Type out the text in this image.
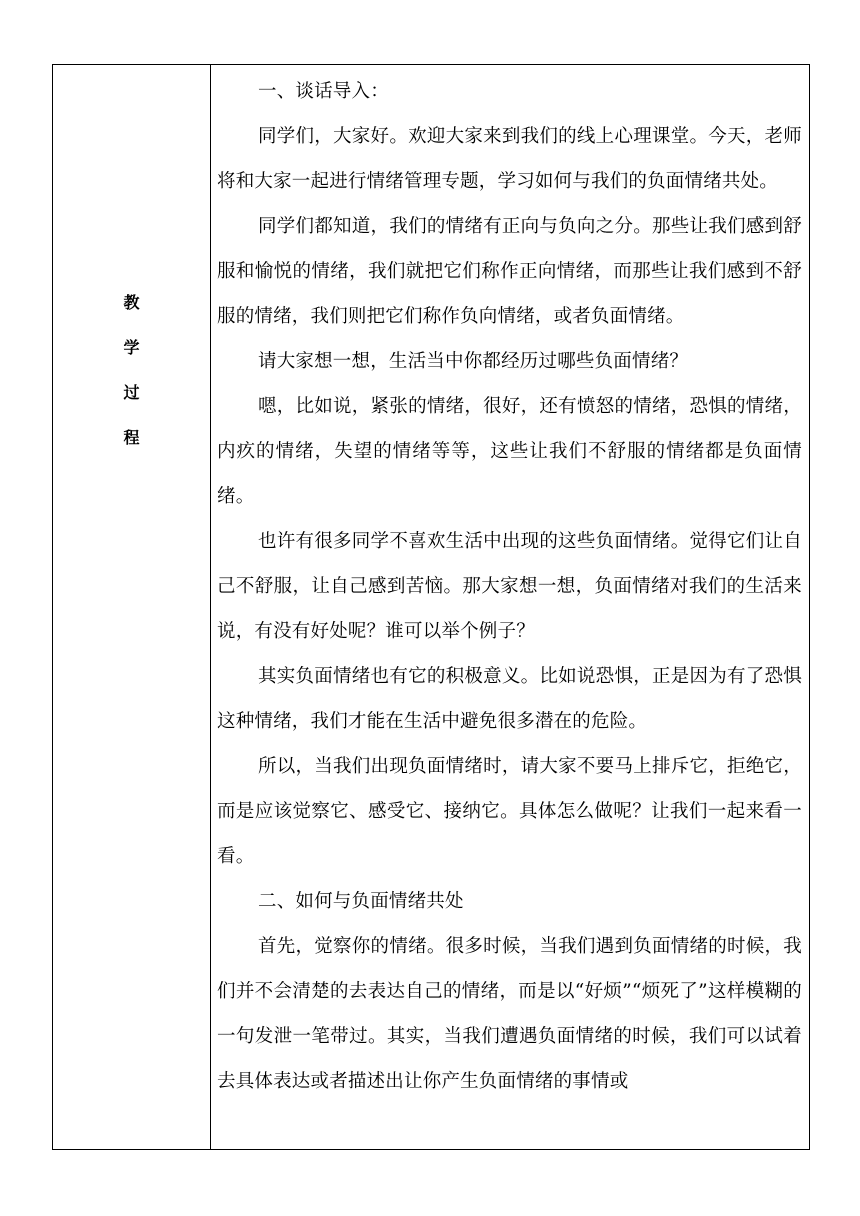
教
学
过
程

一、谈话导入：

同学们，大家好。欢迎大家来到我们的线上心理课堂。今天，老师将和大家一起进行情绪管理专题，学习如何与我们的负面情绪共处。

同学们都知道，我们的情绪有正向与负向之分。那些让我们感到舒服和愉悦的情绪，我们就把它们称作正向情绪，而那些让我们感到不舒服的情绪，我们则把它们称作负向情绪，或者负面情绪。

请大家想一想，生活当中你都经历过哪些负面情绪？

嗯，比如说，紧张的情绪，很好，还有愤怒的情绪，恐惧的情绪，内疚的情绪，失望的情绪等等，这些让我们不舒服的情绪都是负面情绪。

也许有很多同学不喜欢生活中出现的这些负面情绪。觉得它们让自己不舒服，让自己感到苦恼。那大家想一想，负面情绪对我们的生活来说，有没有好处呢？谁可以举个例子？

其实负面情绪也有它的积极意义。比如说恐惧，正是因为有了恐惧这种情绪，我们才能在生活中避免很多潜在的危险。

所以，当我们出现负面情绪时，请大家不要马上排斥它，拒绝它，而是应该觉察它、感受它、接纳它。具体怎么做呢？让我们一起来看一看。

二、如何与负面情绪共处

首先，觉察你的情绪。很多时候，当我们遇到负面情绪的时候，我们并不会清楚的去表达自己的情绪，而是以“好烦”“烦死了”这样模糊的一句发泄一笔带过。其实，当我们遭遇负面情绪的时候，我们可以试着去具体表达或者描述出让你产生负面情绪的事情或
